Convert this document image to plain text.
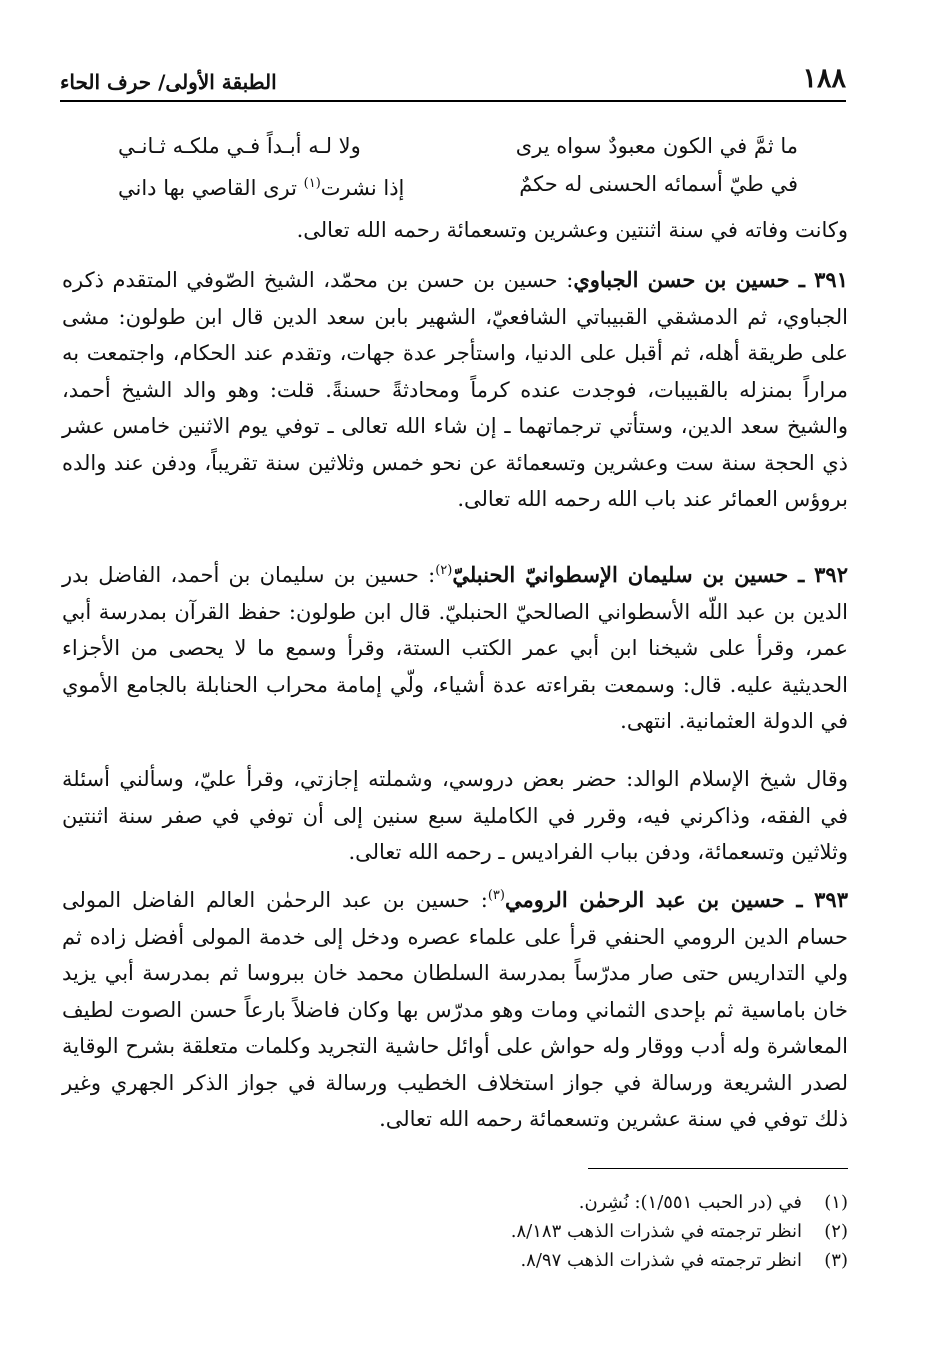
١٨٨
الطبقة الأولى/ حرف الحاء
ما ثمَّ في الكون معبودٌ سواه يرى
ولا لـه أبـداً فـي ملكـه ثـانـي
في طيّ أسمائه الحسنى له حكمٌ
إذا نشرت$^{(١)}$ ترى القاصي بها داني

وكانت وفاته في سنة اثنتين وعشرين وتسعمائة رحمه الله تعالى.

٣٩١ ـ حسين بن حسن الجباوي: حسين بن حسن بن محمّد، الشيخ الصّوفي المتقدم ذكره الجباوي، ثم الدمشقي القبيباتي الشافعيّ، الشهير بابن سعد الدين قال ابن طولون: مشى على طريقة أهله، ثم أقبل على الدنيا، واستأجر عدة جهات، وتقدم عند الحكام، واجتمعت به مراراً بمنزله بالقبيبات، فوجدت عنده كرماً ومحادثةً حسنةً. قلت: وهو والد الشيخ أحمد، والشيخ سعد الدين، وستأتي ترجماتهما ـ إن شاء الله تعالى ـ توفي يوم الاثنين خامس عشر ذي الحجة سنة ست وعشرين وتسعمائة عن نحو خمس وثلاثين سنة تقريباً، ودفن عند والده بروؤس العمائر عند باب الله رحمه الله تعالى.

٣٩٢ ـ حسين بن سليمان الإسطوانيّ الحنبليّ$^{(٢)}$: حسين بن سليمان بن أحمد، الفاضل بدر الدين بن عبد اللّه الأسطواني الصالحيّ الحنبليّ. قال ابن طولون: حفظ القرآن بمدرسة أبي عمر، وقرأ على شيخنا ابن أبي عمر الكتب الستة، وقرأ وسمع ما لا يحصى من الأجزاء الحديثية عليه. قال: وسمعت بقراءته عدة أشياء، ولّي إمامة محراب الحنابلة بالجامع الأموي في الدولة العثمانية. انتهى.

وقال شيخ الإسلام الوالد: حضر بعض دروسي، وشملته إجازتي، وقرأ عليّ، وسألني أسئلة في الفقه، وذاكرني فيه، وقرر في الكاملية سبع سنين إلى أن توفي في صفر سنة اثنتين وثلاثين وتسعمائة، ودفن بباب الفراديس ـ رحمه الله تعالى.

٣٩٣ ـ حسين بن عبد الرحمٰن الرومي$^{(٣)}$: حسين بن عبد الرحمٰن العالم الفاضل المولى حسام الدين الرومي الحنفي قرأ على علماء عصره ودخل إلى خدمة المولى أفضل زاده ثم ولي التداريس حتى صار مدرّساً بمدرسة السلطان محمد خان ببروسا ثم بمدرسة أبي يزيد خان باماسية ثم بإحدى الثماني ومات وهو مدرّس بها وكان فاضلاً بارعاً حسن الصوت لطيف المعاشرة وله أدب ووقار وله حواش على أوائل حاشية التجريد وكلمات متعلقة بشرح الوقاية لصدر الشريعة ورسالة في جواز استخلاف الخطيب ورسالة في جواز الذكر الجهري وغير ذلك توفي في سنة عشرين وتسعمائة رحمه الله تعالى.

(١)
في (در الحبب ١/٥٥١): نُشِرن.
(٢)
انظر ترجمته في شذرات الذهب ٨/١٨٣.
(٣)
انظر ترجمته في شذرات الذهب ٨/٩٧.
